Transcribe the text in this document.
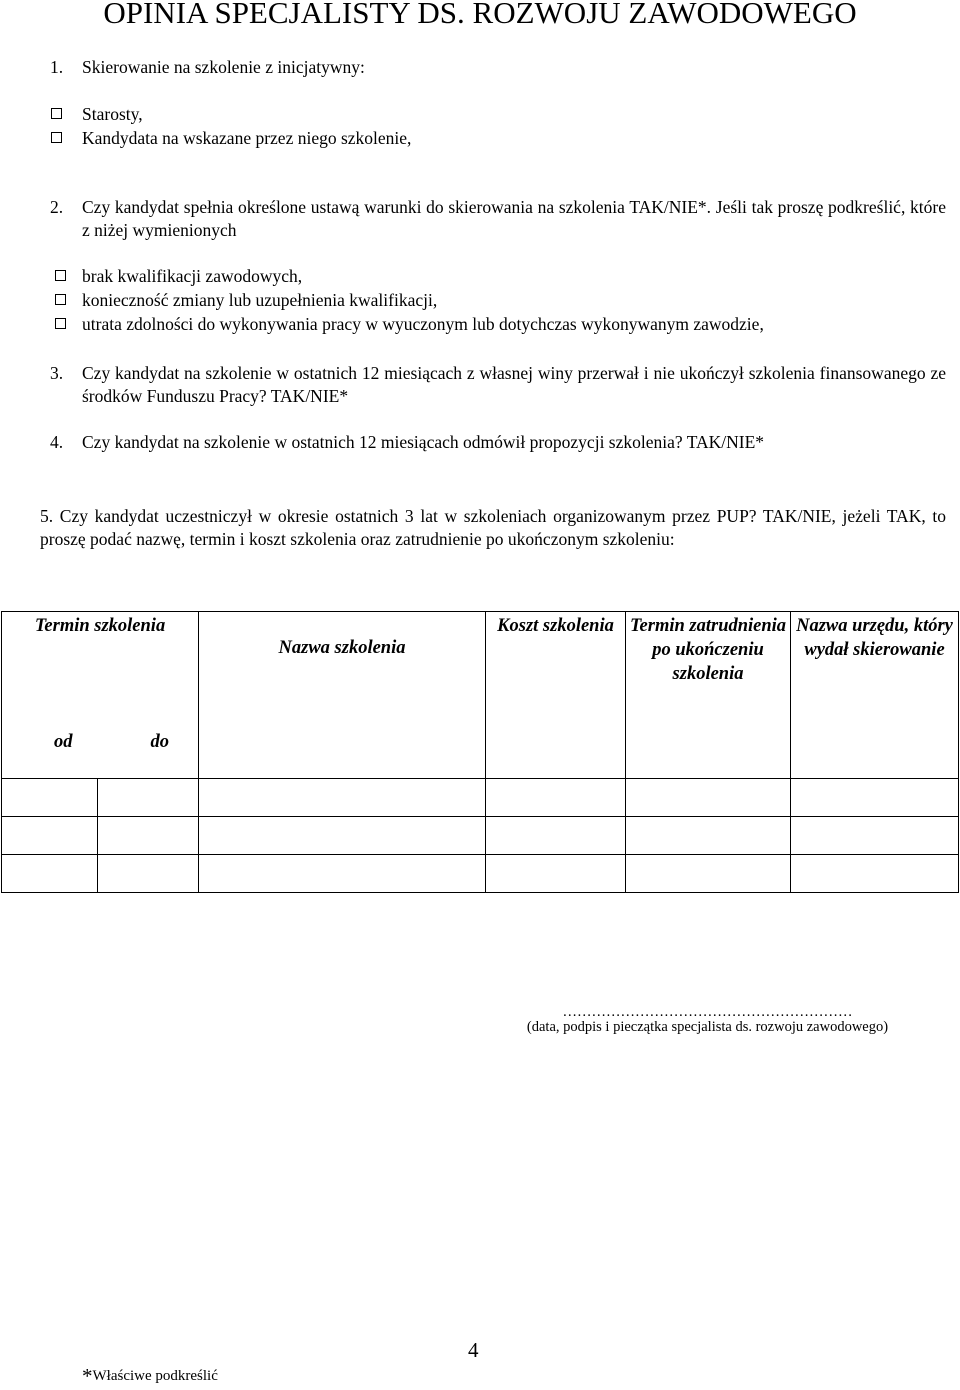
OPINIA SPECJALISTY DS. ROZWOJU ZAWODOWEGO
1. Skierowanie na szkolenie z inicjatywny:
Starosty,
Kandydata na wskazane przez niego szkolenie,
2. Czy kandydat spełnia określone ustawą warunki do skierowania na szkolenia TAK/NIE*. Jeśli tak proszę podkreślić, które z niżej wymienionych
brak kwalifikacji zawodowych,
konieczność zmiany lub uzupełnienia kwalifikacji,
utrata zdolności do wykonywania pracy w wyuczonym lub dotychczas wykonywanym zawodzie,
3. Czy kandydat na szkolenie w ostatnich 12 miesiącach z własnej winy przerwał i nie ukończył szkolenia finansowanego ze środków Funduszu Pracy? TAK/NIE*
4. Czy kandydat na szkolenie w ostatnich 12 miesiącach odmówił propozycji szkolenia? TAK/NIE*
5. Czy kandydat uczestniczył w okresie ostatnich 3 lat w szkoleniach organizowanym przez PUP? TAK/NIE, jeżeli TAK, to proszę podać nazwę, termin i koszt szkolenia oraz zatrudnienie po ukończonym szkoleniu:
Termin szkolenia		Nazwa szkolenia	Koszt szkolenia	Termin zatrudnienia po ukończeniu szkolenia	Nazwa urzędu, który wydał skierowanie
od	do				

……………………………………………………
(data, podpis i pieczątka specjalista ds. rozwoju zawodowego)
4
*Właściwe podkreślić
